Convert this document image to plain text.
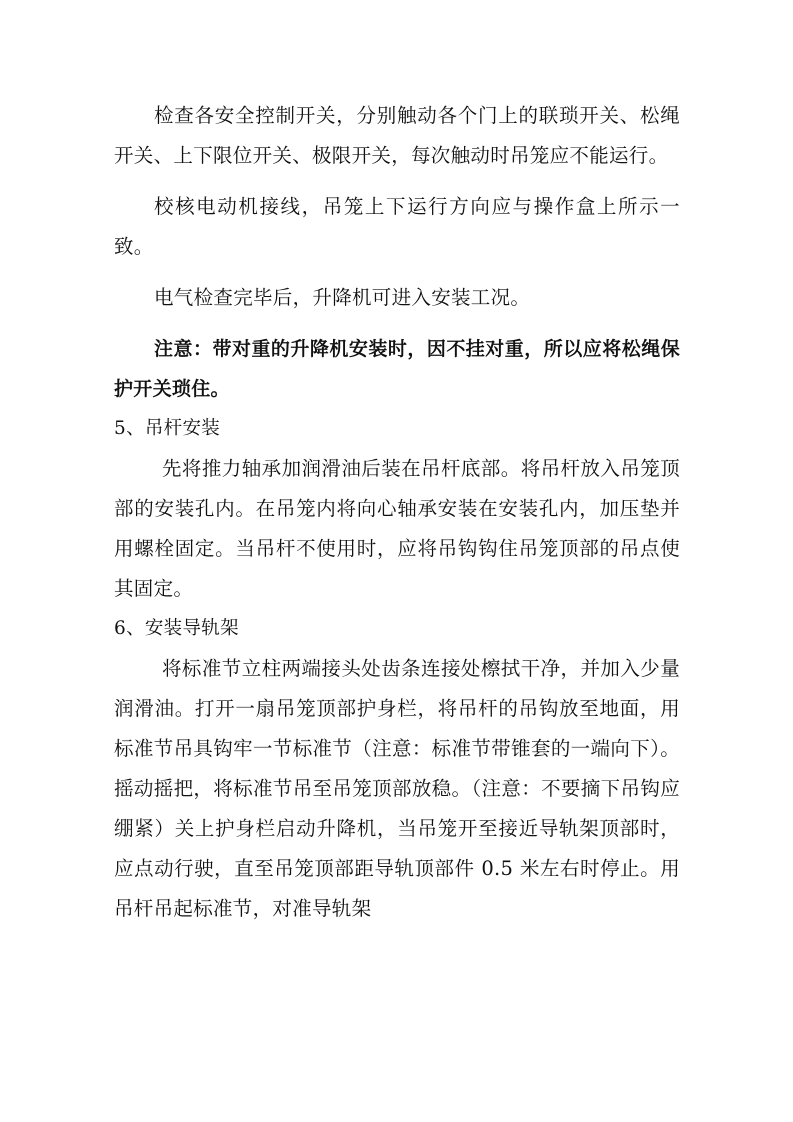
检查各安全控制开关，分别触动各个门上的联琐开关、松绳开关、上下限位开关、极限开关，每次触动时吊笼应不能运行。

校核电动机接线，吊笼上下运行方向应与操作盒上所示一致。

电气检查完毕后，升降机可进入安装工况。

注意：带对重的升降机安装时，因不挂对重，所以应将松绳保护开关琐住。

5、吊杆安装

先将推力轴承加润滑油后装在吊杆底部。将吊杆放入吊笼顶部的安装孔内。在吊笼内将向心轴承安装在安装孔内，加压垫并用螺栓固定。当吊杆不使用时，应将吊钩钩住吊笼顶部的吊点使其固定。

6、安装导轨架

将标准节立柱两端接头处齿条连接处檫拭干净，并加入少量润滑油。打开一扇吊笼顶部护身栏，将吊杆的吊钩放至地面，用标准节吊具钩牢一节标准节（注意：标准节带锥套的一端向下）。摇动摇把，将标准节吊至吊笼顶部放稳。（注意：不要摘下吊钩应绷紧）关上护身栏启动升降机，当吊笼开至接近导轨架顶部时，应点动行驶，直至吊笼顶部距导轨顶部件 0.5 米左右时停止。用吊杆吊起标准节，对准导轨架
